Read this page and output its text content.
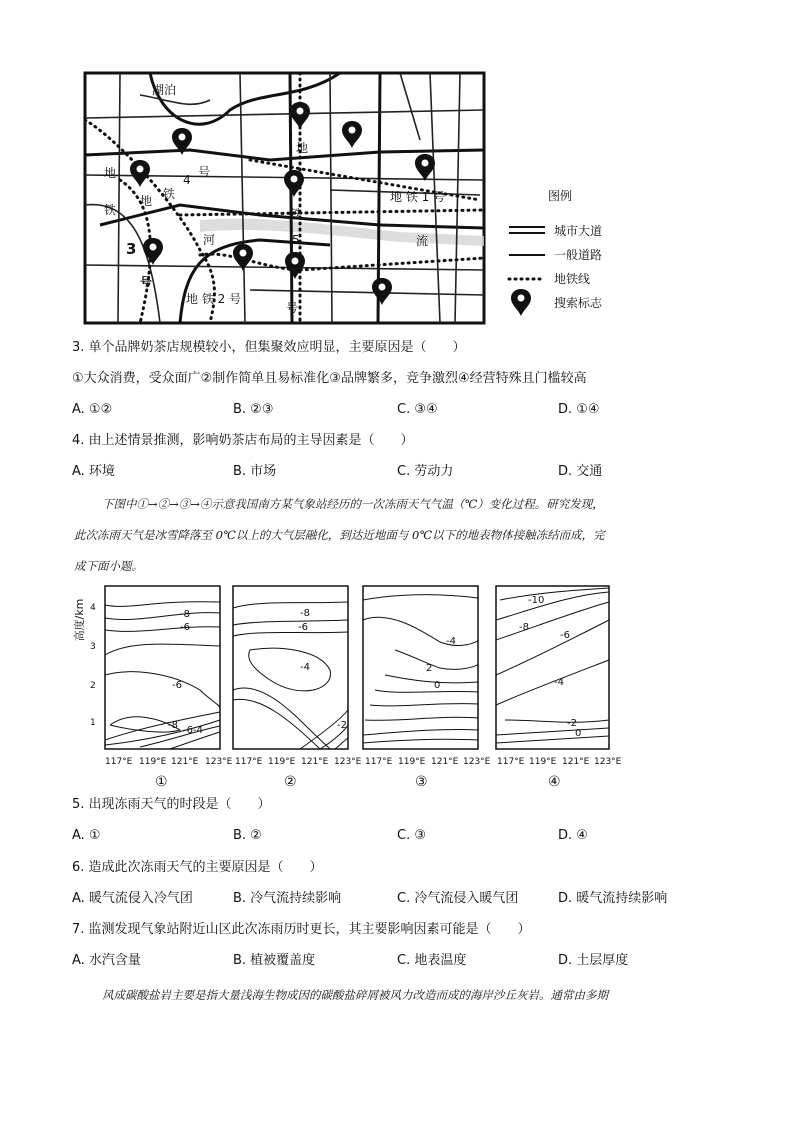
湖泊
地
铁
地 铁
4
号
3
号
河
地
铁
5
号
地 铁 1 号
地 铁 2 号
流
图例
城市大道
一般道路
地铁线
搜索标志
3. 单个品牌奶茶店规模较小，但集聚效应明显，主要原因是（　　）
①大众消费，受众面广②制作简单且易标准化③品牌繁多，竞争激烈④经营特殊且门槛较高
A. ①②	B. ②③	C. ③④	D. ①④
4. 由上述情景推测，影响奶茶店布局的主导因素是（　　）
A. 环境	B. 市场	C. 劳动力	D. 交通
下图中①→②→③→④示意我国南方某气象站经历的一次冻雨天气气温（℃）变化过程。研究发现，
此次冻雨天气是冰雪降落至 0℃以上的大气层融化，到达近地面与 0℃以下的地表物体接触冻结而成，完
成下面小题。
高度/km 4
3
2
1
-8
-6
-6
-8 -6 -4
-8
-6
-4
-2
-4
2
0
-10
-8
-6
-4
-2
0
117°E 119°E 121°E 123°E 117°E 119°E 121°E 123°E 117°E 119°E 121°E 123°E 117°E 119°E 121°E 123°E
①	②	③	④
5. 出现冻雨天气的时段是（　　）
A. ①	B. ②	C. ③	D. ④
6. 造成此次冻雨天气的主要原因是（　　）
A. 暖气流侵入冷气团	B. 冷气流持续影响	C. 冷气流侵入暖气团	D. 暖气流持续影响
7. 监测发现气象站附近山区此次冻雨历时更长，其主要影响因素可能是（　　）
A. 水汽含量	B. 植被覆盖度	C. 地表温度	D. 土层厚度
风成碳酸盐岩主要是指大量浅海生物成因的碳酸盐碎屑被风力改造而成的海岸沙丘灰岩。通常由多期
